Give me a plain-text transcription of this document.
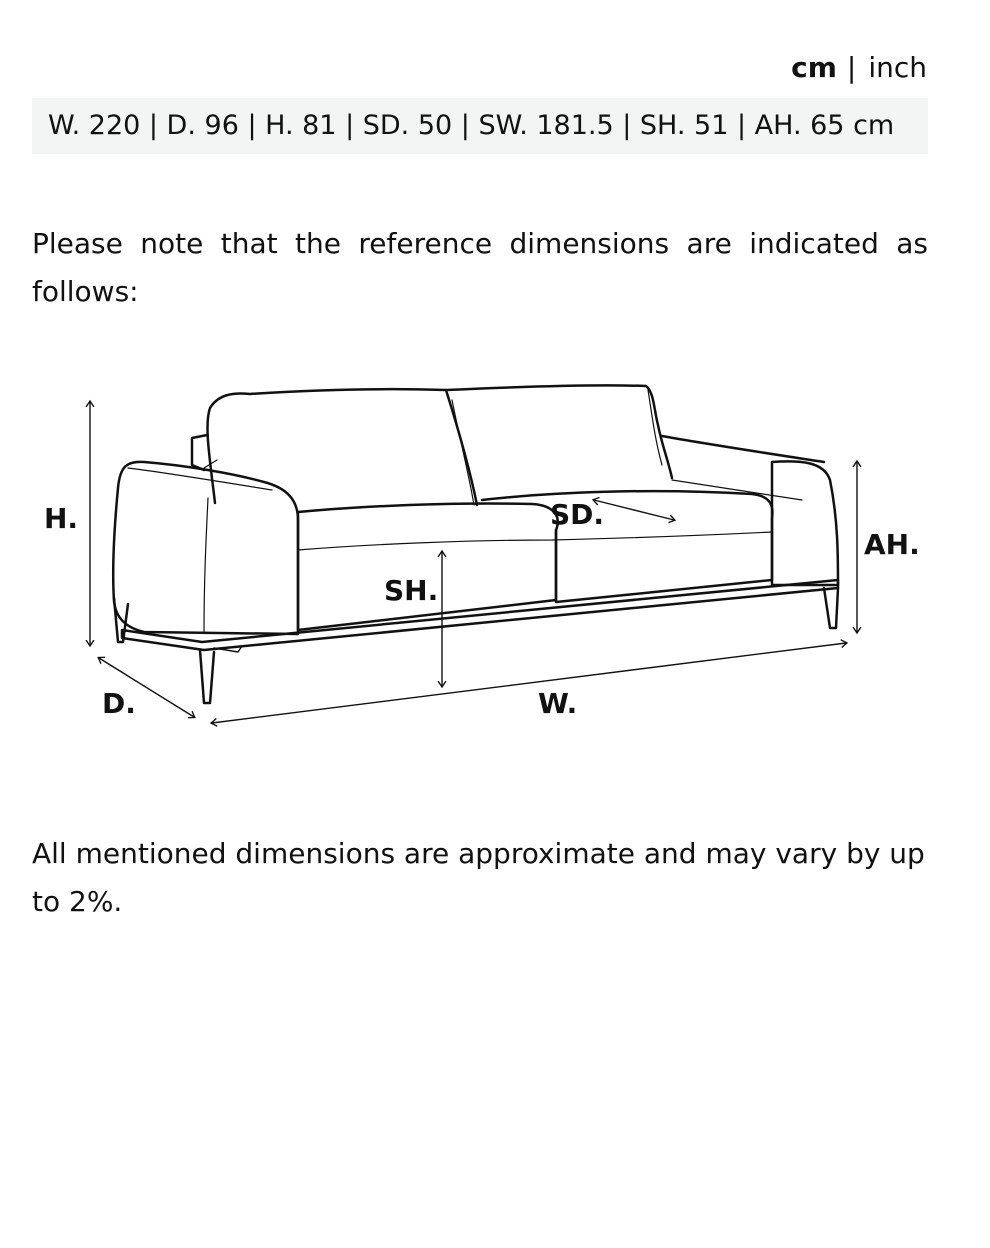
cm | inch
W. 220 | D. 96 | H. 81 | SD. 50 | SW. 181.5 | SH. 51 | AH. 65 cm

Please note that the reference dimensions are indicated as follows:

H.
D.	W.
SD.
SH.
AH.

All mentioned dimensions are approximate and may vary by up to 2%.
